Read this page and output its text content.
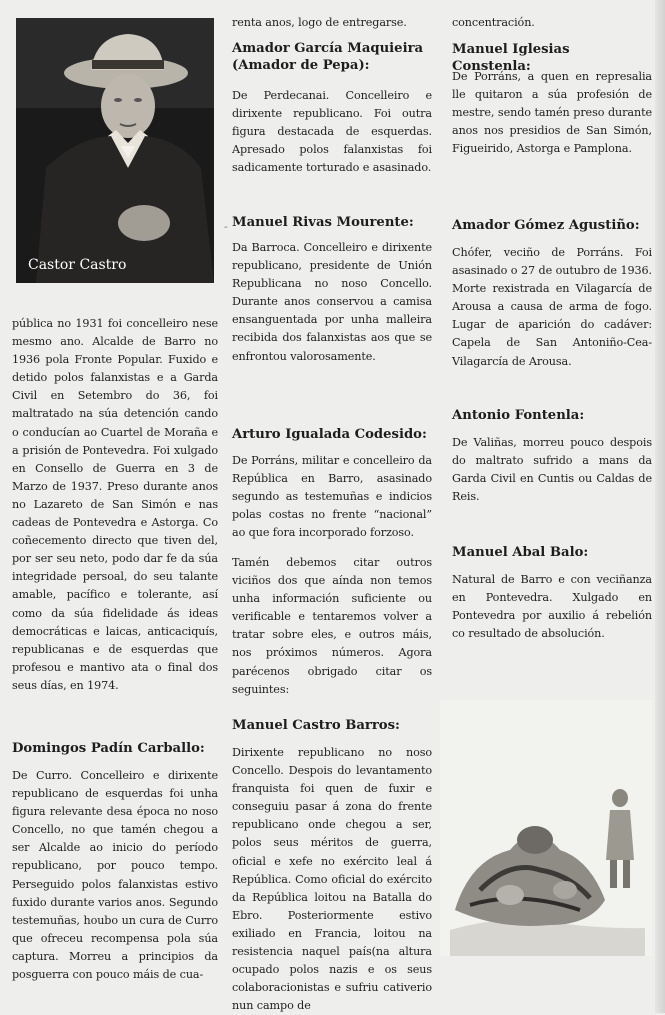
Castor Castro

pública no 1931 foi concelleiro nese mesmo ano. Alcalde de Barro no 1936 pola Fronte Popular. Fuxido e detido polos falanxistas e a Garda Civil en Setembro do 36, foi maltratado na súa detención cando o conducían ao Cuartel de Moraña e a prisión de Pontevedra. Foi xulgado en Consello de Guerra en 3 de Marzo de 1937. Preso durante anos no Lazareto de San Simón e nas cadeas de Pontevedra e Astorga. Co coñecemento directo que tiven del, por ser seu neto, podo dar fe da súa integridade persoal, do seu talante amable, pacífico e tolerante, así como da súa fidelidade ás ideas democráticas e laicas, anticaciquís, republicanas e de esquerdas que profesou e mantivo ata o final dos seus días, en 1974.

Domingos Padín Carballo:

De Curro. Concelleiro e dirixente republicano de esquerdas foi unha figura relevante desa época no noso Concello, no que tamén chegou a ser Alcalde ao inicio do período republicano, por pouco tempo. Perseguido polos falanxistas estivo fuxido durante varios anos. Segundo testemuñas, houbo un cura de Curro que ofreceu recompensa pola súa captura. Morreu a principios da posguerra con pouco máis de cua-

-

renta anos, logo de entregarse.

Amador García Maquieira (Amador de Pepa):

De Perdecanai. Concelleiro e dirixente republicano. Foi outra figura destacada de esquerdas. Apresado polos falanxistas foi sadicamente torturado e asasinado.

Manuel Rivas Mourente:

Da Barroca. Concelleiro e dirixente republicano, presidente de Unión Republicana no noso Concello. Durante anos conservou a camisa ensanguentada por unha malleira recibida dos falanxistas aos que se enfrontou valorosamente.

Arturo Igualada Codesido:

De Porráns, militar e concelleiro da República en Barro, asasinado segundo as testemuñas e indicios polas costas no frente “nacional” ao que fora incorporado forzoso.

Tamén debemos citar outros viciños dos que aínda non temos unha información suficiente ou verificable e tentaremos volver a tratar sobre eles, e outros máis, nos próximos números. Agora parécenos obrigado citar os seguintes:

Manuel Castro Barros:

Dirixente republicano no noso Concello. Despois do levantamento franquista foi quen de fuxir e conseguiu pasar á zona do frente republicano onde chegou a ser, polos seus méritos de guerra, oficial e xefe no exército leal á República. Como oficial do exército da República loitou na Batalla do Ebro. Posteriormente estivo exiliado en Francia, loitou na resistencia naquel país(na altura ocupado polos nazis e os seus colaboracionistas e sufriu cativerio nun campo de

concentración.

Manuel Iglesias Constenla:

De Porráns, a quen en represalia lle quitaron a súa profesión de mestre, sendo tamén preso durante anos nos presidios de San Simón, Figueirido, Astorga e Pamplona.

Amador Gómez Agustiño:

Chófer, veciño de Porráns. Foi asasinado o 27 de outubro de 1936. Morte rexistrada en Vilagarcía de Arousa a causa de arma de fogo. Lugar de aparición do cadáver: Capela de San Antoniño-Cea-Vilagarcía de Arousa.

Antonio Fontenla:

De Valiñas, morreu pouco despois do maltrato sufrido a mans da Garda Civil en Cuntis ou Caldas de Reis.

Manuel Abal Balo:

Natural de Barro e con veciñanza en Pontevedra. Xulgado en Pontevedra por auxilio á rebelión co resultado de absolución.
